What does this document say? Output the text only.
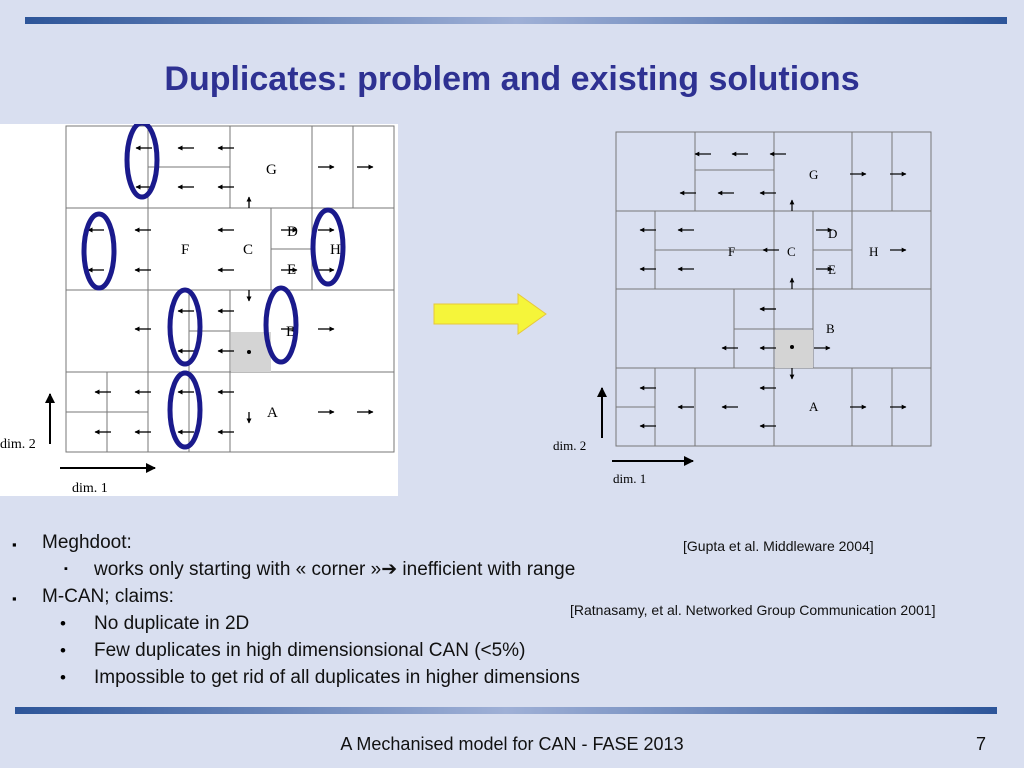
Duplicates: problem and existing solutions
G
D
H
F	C
E
B
A
dim. 2
dim. 1
G
D
F	C	H
E
B
A
dim. 2
dim. 1
▪ Meghdoot:
▪ works only starting with « corner »➔ inefficient with range
▪ M-CAN; claims:
• No duplicate in 2D
• Few duplicates in high dimensionsional CAN (<5%)
• Impossible to get rid of all duplicates in higher dimensions
[Gupta et al. Middleware 2004]
[Ratnasamy, et al. Networked Group Communication 2001]
A Mechanised model for CAN - FASE 2013	7
